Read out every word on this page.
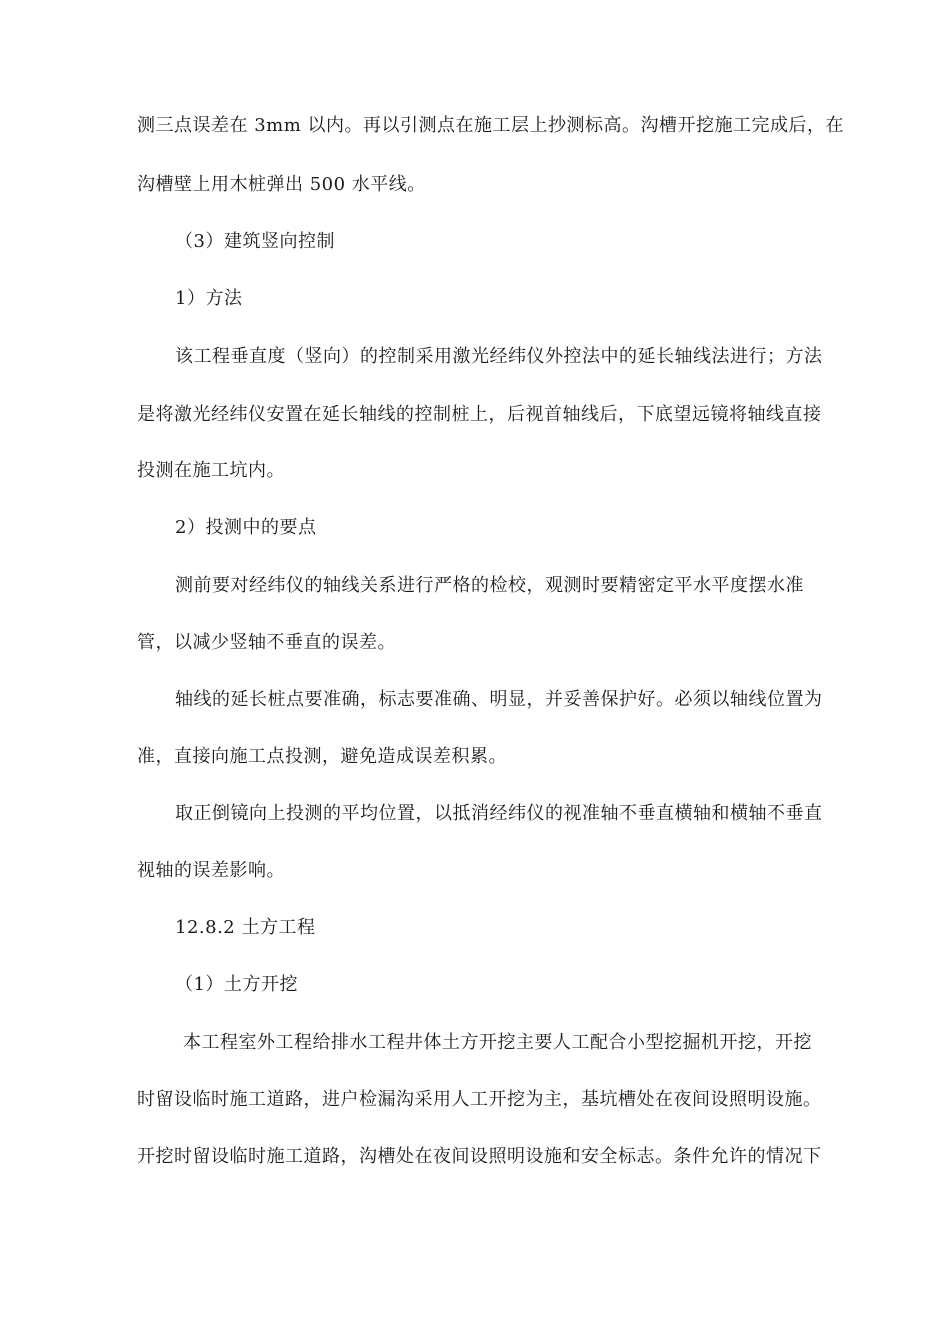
测三点误差在 3mm 以内。再以引测点在施工层上抄测标高。沟槽开挖施工完成后，在
沟槽壁上用木桩弹出 500 水平线。
（3）建筑竖向控制
1）方法
该工程垂直度（竖向）的控制采用激光经纬仪外控法中的延长轴线法进行；方法
是将激光经纬仪安置在延长轴线的控制桩上，后视首轴线后，下底望远镜将轴线直接
投测在施工坑内。
2）投测中的要点
测前要对经纬仪的轴线关系进行严格的检校，观测时要精密定平水平度摆水准
管，以减少竖轴不垂直的误差。
轴线的延长桩点要准确，标志要准确、明显，并妥善保护好。必须以轴线位置为
准，直接向施工点投测，避免造成误差积累。
取正倒镜向上投测的平均位置，以抵消经纬仪的视准轴不垂直横轴和横轴不垂直
视轴的误差影响。
12.8.2 土方工程
（1）土方开挖
本工程室外工程给排水工程井体土方开挖主要人工配合小型挖掘机开挖，开挖
时留设临时施工道路，进户检漏沟采用人工开挖为主，基坑槽处在夜间设照明设施。
开挖时留设临时施工道路，沟槽处在夜间设照明设施和安全标志。条件允许的情况下
